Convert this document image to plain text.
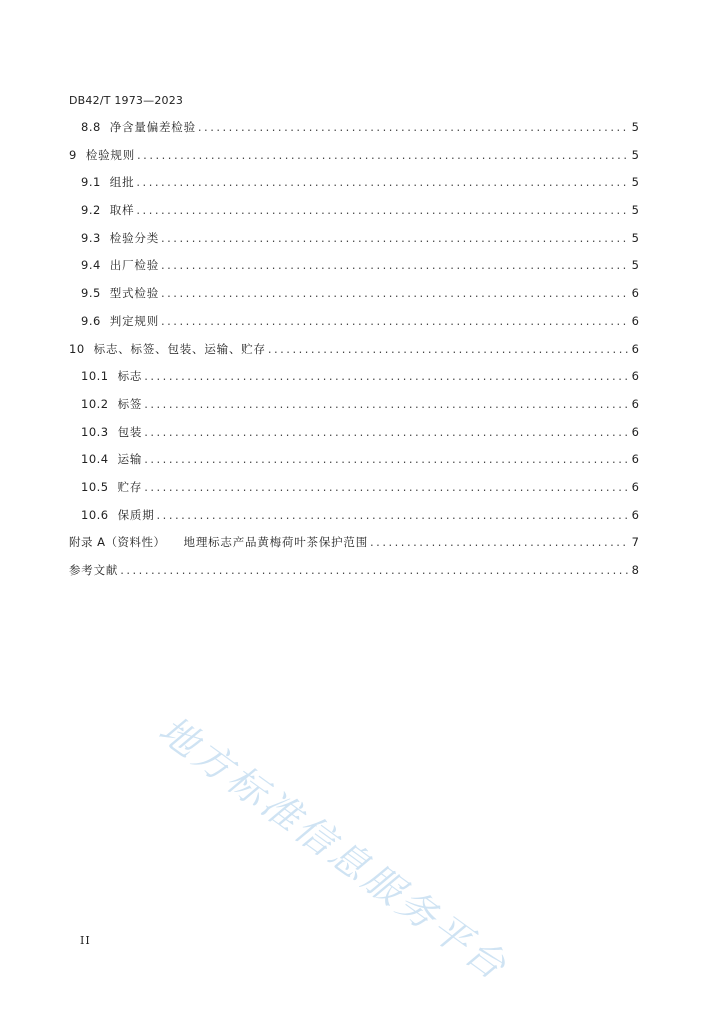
DB42/T 1973—2023
8.8 净含量偏差检验 .....	5
9 检验规则 .....	5
9.1 组批 .....	5
9.2 取样 .....	5
9.3 检验分类 .....	5
9.4 出厂检验 .....	5
9.5 型式检验 .....	6
9.6 判定规则 .....	6
10 标志、标签、包装、运输、贮存 .....	6
10.1 标志 .....	6
10.2 标签 .....	6
10.3 包装 .....	6
10.4 运输 .....	6
10.5 贮存 .....	6
10.6 保质期 .....	6
附录 A（资料性） 地理标志产品黄梅荷叶茶保护范围 .....	7
参考文献 .....	8
地方标准信息服务平台
II
